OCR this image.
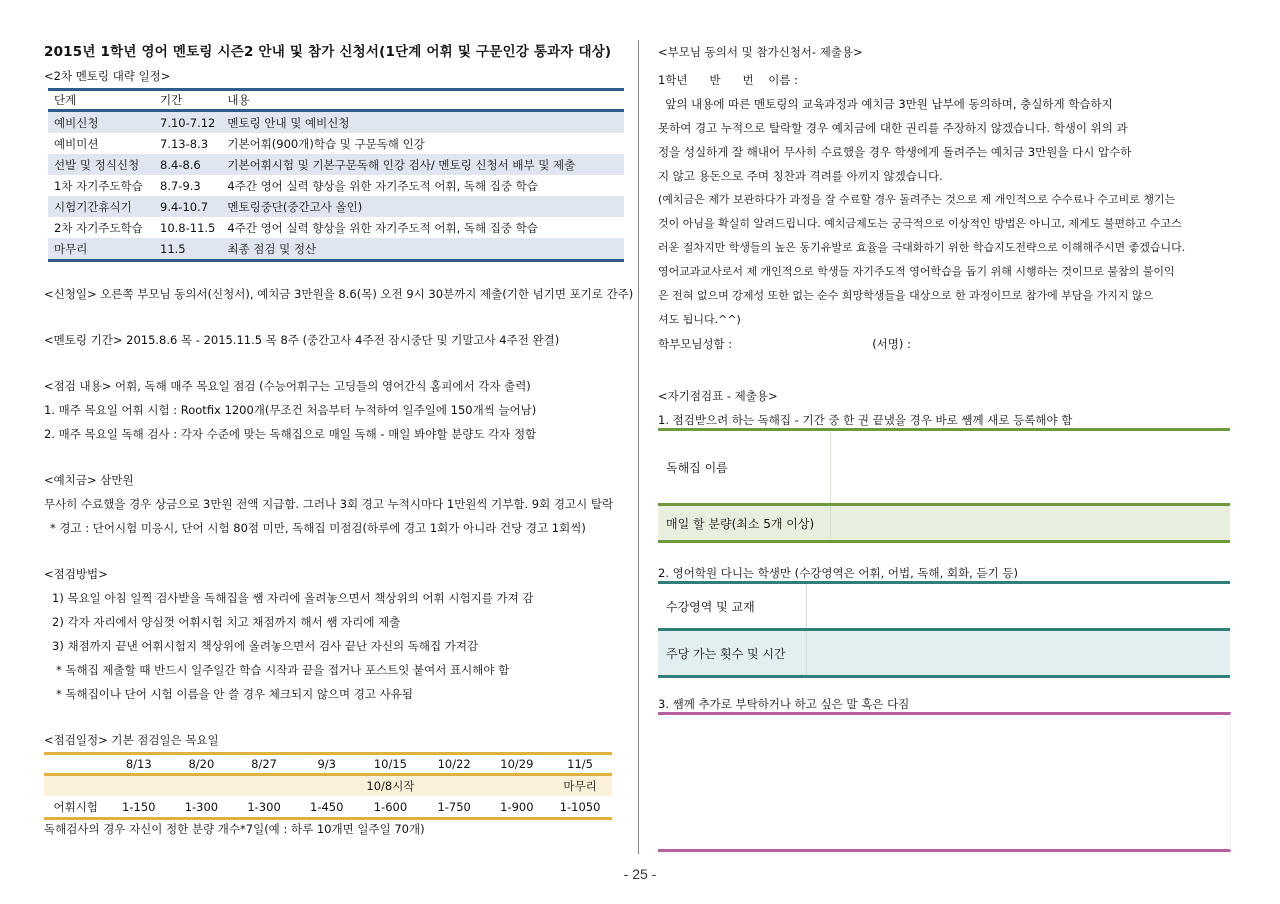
2015년 1학년 영어 멘토링 시즌2 안내 및 참가 신청서(1단계 어휘 및 구문인강 통과자 대상)
<2차 멘토링 대략 일정>
단계	기간	내용
예비신청	7.10-7.12	멘토링 안내 및 예비신청
예비미션	7.13-8.3	기본어휘(900개)학습 및 구문독해 인강
선발 및 정식신청	8.4-8.6	기본어휘시험 및 기본구문독해 인강 검사/ 멘토링 신청서 배부 및 제출
1차 자기주도학습	8.7-9.3	4주간 영어 실력 향상을 위한 자기주도적 어휘, 독해 집중 학습
시험기간휴식기	9.4-10.7	멘토링중단(중간고사 올인)
2차 자기주도학습	10.8-11.5	4주간 영어 실력 향상을 위한 자기주도적 어휘, 독해 집중 학습
마무리	11.5	최종 점검 및 정산

<신청일> 오른쪽 부모님 동의서(신청서), 예치금 3만원을 8.6(목) 오전 9시 30분까지 제출(기한 넘기면 포기로 간주)

<멘토링 기간> 2015.8.6 목 - 2015.11.5 목 8주 (중간고사 4주전 잠시중단 및 기말고사 4주전 완결)

<점검 내용> 어휘, 독해 매주 목요일 점검 (수능어휘구는 고딩들의 영어간식 홈피에서 각자 출력)

1. 매주 목요일 어휘 시험 : Rootfix 1200개(무조건 처음부터 누적하여 일주일에 150개씩 늘어남)

2. 매주 목요일 독해 검사 : 각자 수준에 맞는 독해집으로 매일 독해 - 매일 봐야할 분량도 각자 정함

<예치금> 삼만원

무사히 수료했을 경우 상금으로 3만원 전액 지급함. 그러나 3회 경고 누적시마다 1만원씩 기부함. 9회 경고시 탈락

* 경고 : 단어시험 미응시, 단어 시험 80점 미만, 독해집 미점검(하루에 경고 1회가 아니라 건당 경고 1회씩)

<점검방법>

1) 목요일 아침 일찍 검사받을 독해집을 쌤 자리에 올려놓으면서 책상위의 어휘 시험지를 가져 감

2) 각자 자리에서 양심껏 어휘시험 치고 채점까지 해서 쌤 자리에 제출

3) 채점까지 끝낸 어휘시험지 책상위에 올려놓으면서 검사 끝난 자신의 독해집 가져감

* 독해집 제출할 때 반드시 일주일간 학습 시작과 끝을 접거나 포스트잇 붙여서 표시해야 함

* 독해집이나 단어 시험 이름을 안 쓸 경우 체크되지 않으며 경고 사유됨

<점검일정> 기본 점검일은 목요일

	8/13	8/20	8/27	9/3	10/15	10/22	10/29	11/5
					10/8시작			마무리
어휘시험	1-150	1-300	1-300	1-450	1-600	1-750	1-900	1-1050

독해검사의 경우 자신이 정한 분량 개수*7일(예 : 하루 10개면 일주일 70개)

<부모님 동의서 및 참가신청서- 제출용>

1학년      반      번    이름 :

앞의 내용에 따른 멘토링의 교육과정과 예치금 3만원 납부에 동의하며, 충실하게 학습하지

못하여 경고 누적으로 탈락할 경우 예치금에 대한 권리를 주장하지 않겠습니다. 학생이 위의 과

정을 성실하게 잘 해내어 무사히 수료했을 경우 학생에게 돌려주는 예치금 3만원을 다시 압수하

지 않고 용돈으로 주며 칭찬과 격려를 아끼지 않겠습니다.

(예치금은 제가 보관하다가 과정을 잘 수료할 경우 돌려주는 것으로 제 개인적으로 수수료나 수고비로 챙기는

것이 아님을 확실히 알려드립니다. 예치금제도는 궁극적으로 이상적인 방법은 아니고, 제게도 불편하고 수고스

러운 절차지만 학생들의 높은 동기유발로 효율을 극대화하기 위한 학습지도전략으로 이해해주시면 좋겠습니다.

영어교과교사로서 제 개인적으로 학생들 자기주도적 영어학습을 돕기 위해 시행하는 것이므로 불참의 불이익

은 전혀 없으며 강제성 또한 없는 순수 희망학생들을 대상으로 한 과정이므로 참가에 부담을 가지지 않으

셔도 됩니다.^^)

학부모님성함 :	(서명) :

<자기점검표 - 제출용>

1. 점검받으려 하는 독해집 - 기간 중 한 권 끝냈을 경우 바로 쌤께 새로 등록해야 함

독해집 이름
매일 할 분량(최소 5개 이상)

2. 영어학원 다니는 학생만 (수강영역은 어휘, 어법, 독해, 회화, 듣기 등)

수강영역 및 교재
주당 가는 횟수 및 시간

3. 쌤께 추가로 부탁하거나 하고 싶은 말 혹은 다짐

- 25 -
